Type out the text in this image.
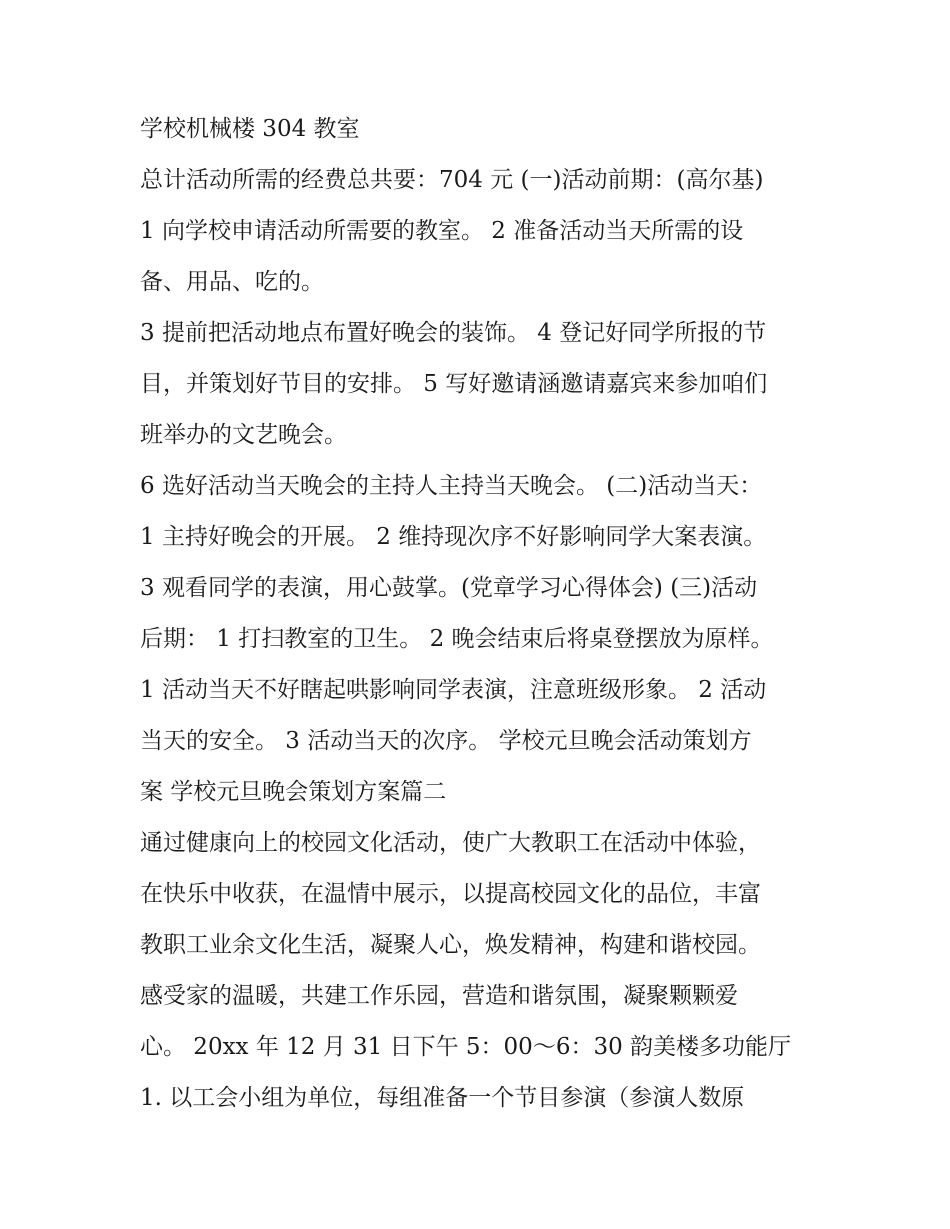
学校机械楼 304 教室
总计活动所需的经费总共要：704 元 (一)活动前期：(高尔基)
1 向学校申请活动所需要的教室。 2 准备活动当天所需的设
备、用品、吃的。
3 提前把活动地点布置好晚会的装饰。 4 登记好同学所报的节
目，并策划好节目的安排。 5 写好邀请涵邀请嘉宾来参加咱们
班举办的文艺晚会。
6 选好活动当天晚会的主持人主持当天晚会。 (二)活动当天：
1 主持好晚会的开展。 2 维持现次序不好影响同学大案表演。
3 观看同学的表演，用心鼓掌。(党章学习心得体会) (三)活动
后期： 1 打扫教室的卫生。 2 晚会结束后将桌登摆放为原样。
1 活动当天不好瞎起哄影响同学表演，注意班级形象。 2 活动
当天的安全。 3 活动当天的次序。 学校元旦晚会活动策划方
案 学校元旦晚会策划方案篇二
通过健康向上的校园文化活动，使广大教职工在活动中体验，
在快乐中收获，在温情中展示，以提高校园文化的品位，丰富
教职工业余文化生活，凝聚人心，焕发精神，构建和谐校园。
感受家的温暖，共建工作乐园，营造和谐氛围，凝聚颗颗爱
心。 20xx 年 12 月 31 日下午 5：00～6：30 韵美楼多功能厅
1. 以工会小组为单位，每组准备一个节目参演（参演人数原
